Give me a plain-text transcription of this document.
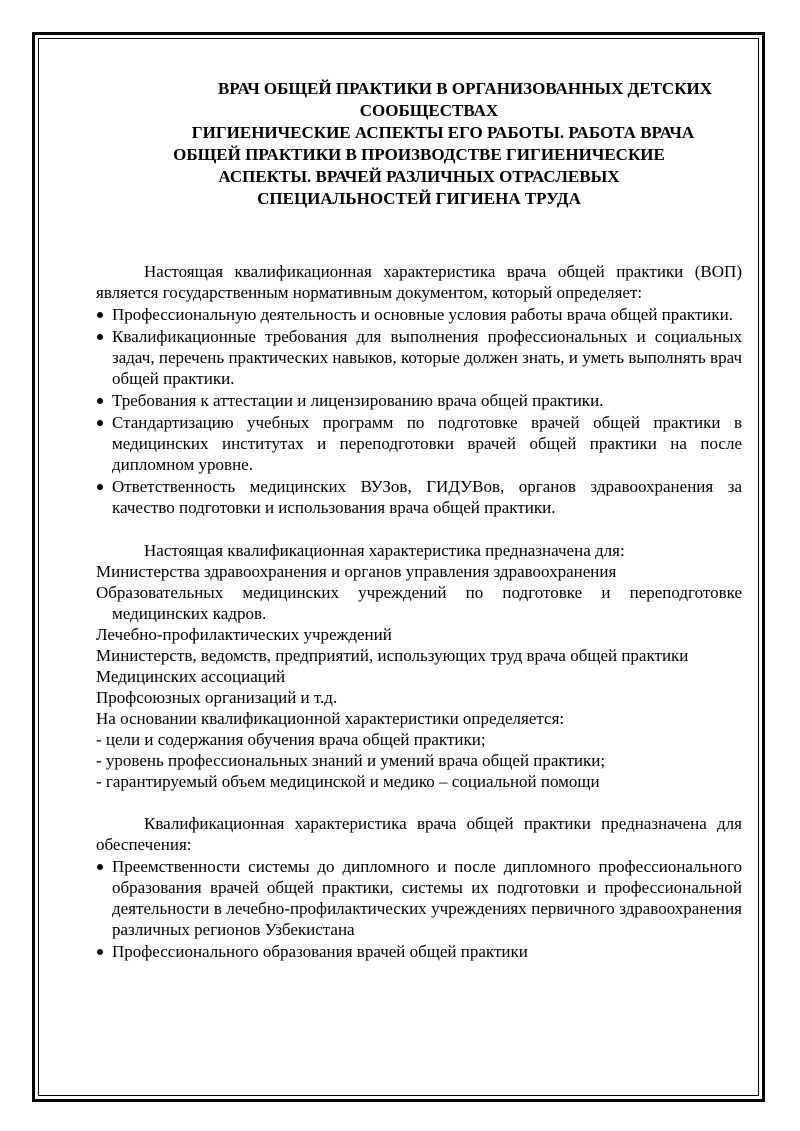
ВРАЧ ОБЩЕЙ ПРАКТИКИ В ОРГАНИЗОВАННЫХ ДЕТСКИХ
СООБЩЕСТВАХ
ГИГИЕНИЧЕСКИЕ АСПЕКТЫ ЕГО РАБОТЫ. РАБОТА ВРАЧА
ОБЩЕЙ ПРАКТИКИ В ПРОИЗВОДСТВЕ ГИГИЕНИЧЕСКИЕ
АСПЕКТЫ. ВРАЧЕЙ РАЗЛИЧНЫХ ОТРАСЛЕВЫХ
СПЕЦИАЛЬНОСТЕЙ ГИГИЕНА ТРУДА

Настоящая квалификационная характеристика врача общей практики (ВОП) является государственным нормативным документом, который определяет:

Профессиональную деятельность и основные условия работы врача общей практики.
Квалификационные требования для выполнения профессиональных и социальных задач, перечень практических навыков, которые должен знать, и уметь выполнять врач общей практики.
Требования к аттестации и лицензированию врача общей практики.
Стандартизацию учебных программ по подготовке врачей общей практики в медицинских институтах и переподготовки врачей общей практики на после дипломном уровне.
Ответственность медицинских ВУЗов, ГИДУВов, органов здравоохранения за качество подготовки и использования врача общей практики.

Настоящая квалификационная характеристика предназначена для:

Министерства здравоохранения и органов управления здравоохранения

Образовательных медицинских учреждений по подготовке и переподготовке медицинских кадров.

Лечебно-профилактических учреждений

Министерств, ведомств, предприятий, использующих труд врача общей практики

Медицинских ассоциаций

Профсоюзных организаций и т.д.

На основании квалификационной характеристики определяется:

- цели и содержания обучения врача общей практики;

- уровень профессиональных знаний и умений врача общей практики;

- гарантируемый объем медицинской и медико – социальной помощи

Квалификационная характеристика врача общей практики предназначена для обеспечения:

Преемственности системы до дипломного и после дипломного профессионального образования врачей общей практики, системы их подготовки и профессиональной деятельности в лечебно-профилактических учреждениях первичного здравоохранения различных регионов Узбекистана
Профессионального образования врачей общей практики
